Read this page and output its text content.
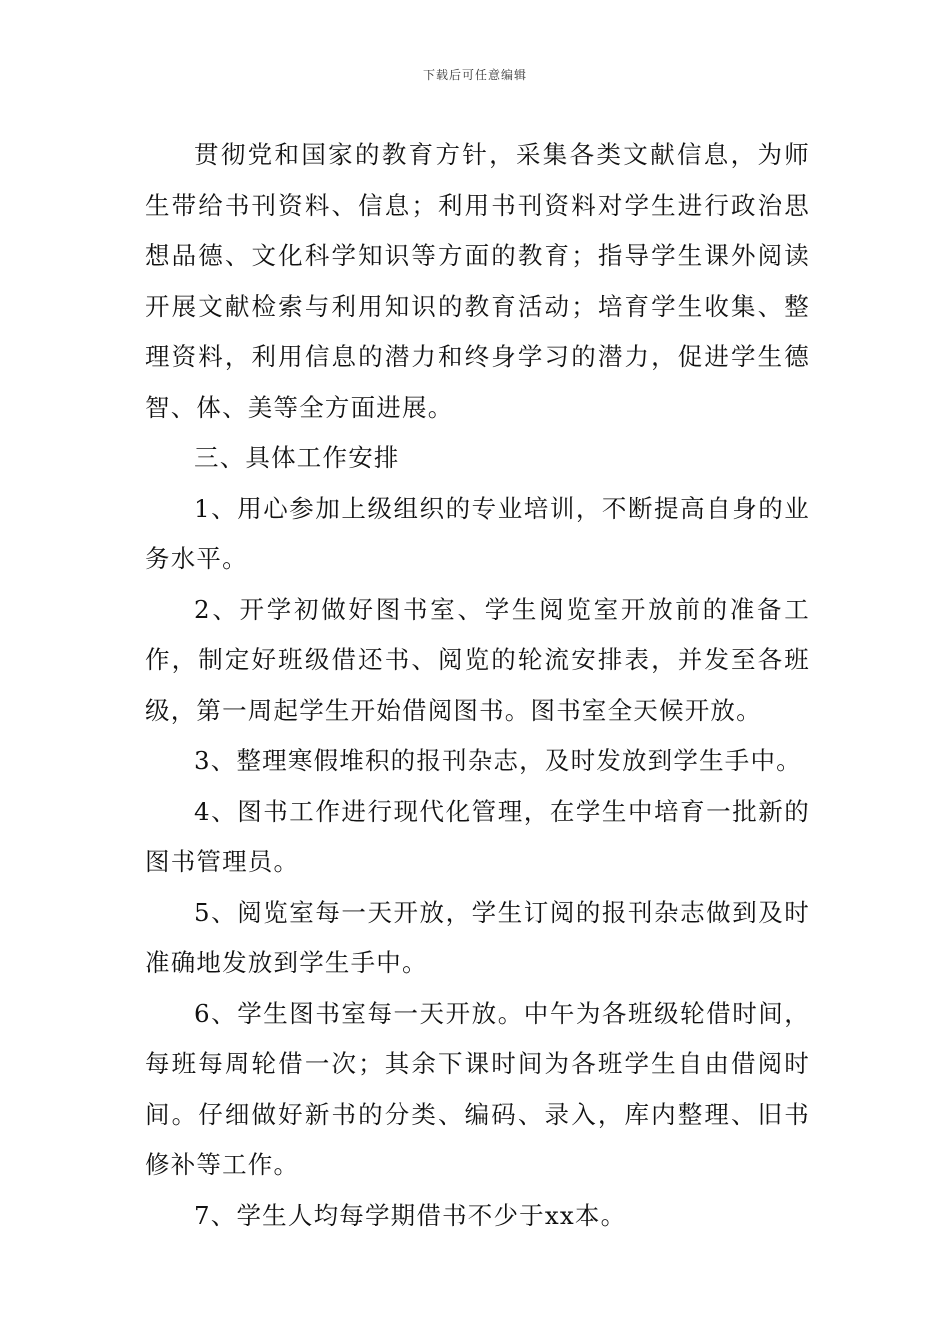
下载后可任意编辑

贯彻党和国家的教育方针，采集各类文献信息，为师生带给书刊资料、信息；利用书刊资料对学生进行政治思想品德、文化科学知识等方面的教育；指导学生课外阅读开展文献检索与利用知识的教育活动；培育学生收集、整理资料，利用信息的潜力和终身学习的潜力，促进学生德智、体、美等全方面进展。

三、具体工作安排

1、用心参加上级组织的专业培训，不断提高自身的业务水平。

2、开学初做好图书室、学生阅览室开放前的准备工作，制定好班级借还书、阅览的轮流安排表，并发至各班级，第一周起学生开始借阅图书。图书室全天候开放。

3、整理寒假堆积的报刊杂志，及时发放到学生手中。

4、图书工作进行现代化管理，在学生中培育一批新的图书管理员。

5、阅览室每一天开放，学生订阅的报刊杂志做到及时准确地发放到学生手中。

6、学生图书室每一天开放。中午为各班级轮借时间，每班每周轮借一次；其余下课时间为各班学生自由借阅时间。仔细做好新书的分类、编码、录入，库内整理、旧书修补等工作。

7、学生人均每学期借书不少于xx本。
